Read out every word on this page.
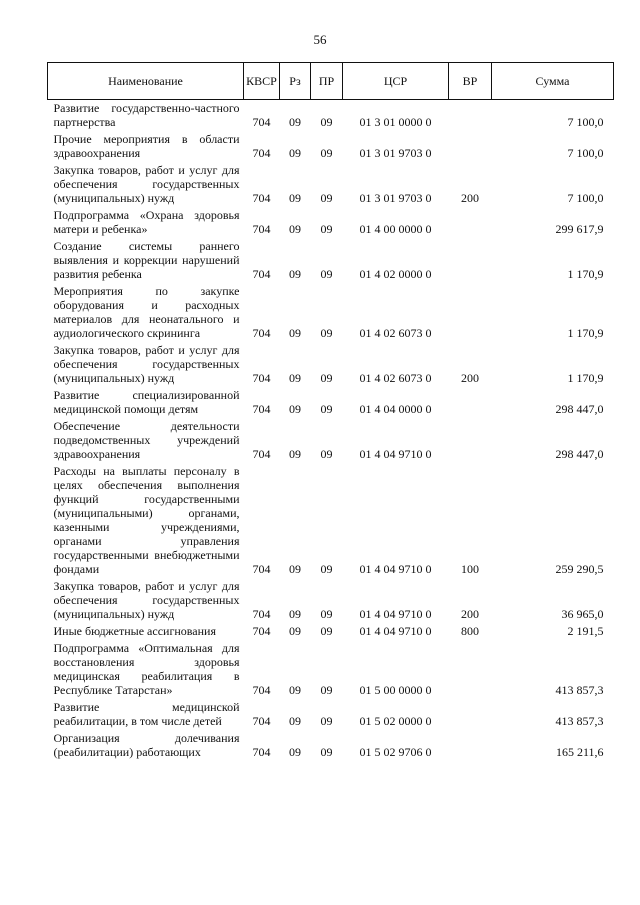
56
Наименование	КВСР	Рз	ПР	ЦСР	ВР	Сумма
Развитие государственно-частного партнерства	704	09	09	01 3 01 0000 0		7 100,0
Прочие мероприятия в области здравоохранения	704	09	09	01 3 01 9703 0		7 100,0
Закупка товаров, работ и услуг для обеспечения государственных (муниципальных) нужд	704	09	09	01 3 01 9703 0	200	7 100,0
Подпрограмма «Охрана здоровья матери и ребенка»	704	09	09	01 4 00 0000 0		299 617,9
Создание системы раннего выявления и коррекции нарушений развития ребенка	704	09	09	01 4 02 0000 0		1 170,9
Мероприятия по закупке оборудования и расходных материалов для неонатального и аудиологического скрининга	704	09	09	01 4 02 6073 0		1 170,9
Закупка товаров, работ и услуг для обеспечения государственных (муниципальных) нужд	704	09	09	01 4 02 6073 0	200	1 170,9
Развитие специализированной медицинской помощи детям	704	09	09	01 4 04 0000 0		298 447,0
Обеспечение деятельности подведомственных учреждений здравоохранения	704	09	09	01 4 04 9710 0		298 447,0
Расходы на выплаты персоналу в целях обеспечения выполнения функций государственными (муниципальными) органами, казенными учреждениями, органами управления государственными внебюджетными фондами	704	09	09	01 4 04 9710 0	100	259 290,5
Закупка товаров, работ и услуг для обеспечения государственных (муниципальных) нужд	704	09	09	01 4 04 9710 0	200	36 965,0
Иные бюджетные ассигнования	704	09	09	01 4 04 9710 0	800	2 191,5
Подпрограмма «Оптимальная для восстановления здоровья медицинская реабилитация в Республике Татарстан»	704	09	09	01 5 00 0000 0		413 857,3
Развитие медицинской реабилитации, в том числе детей	704	09	09	01 5 02 0000 0		413 857,3
Организация долечивания (реабилитации) работающих	704	09	09	01 5 02 9706 0		165 211,6
